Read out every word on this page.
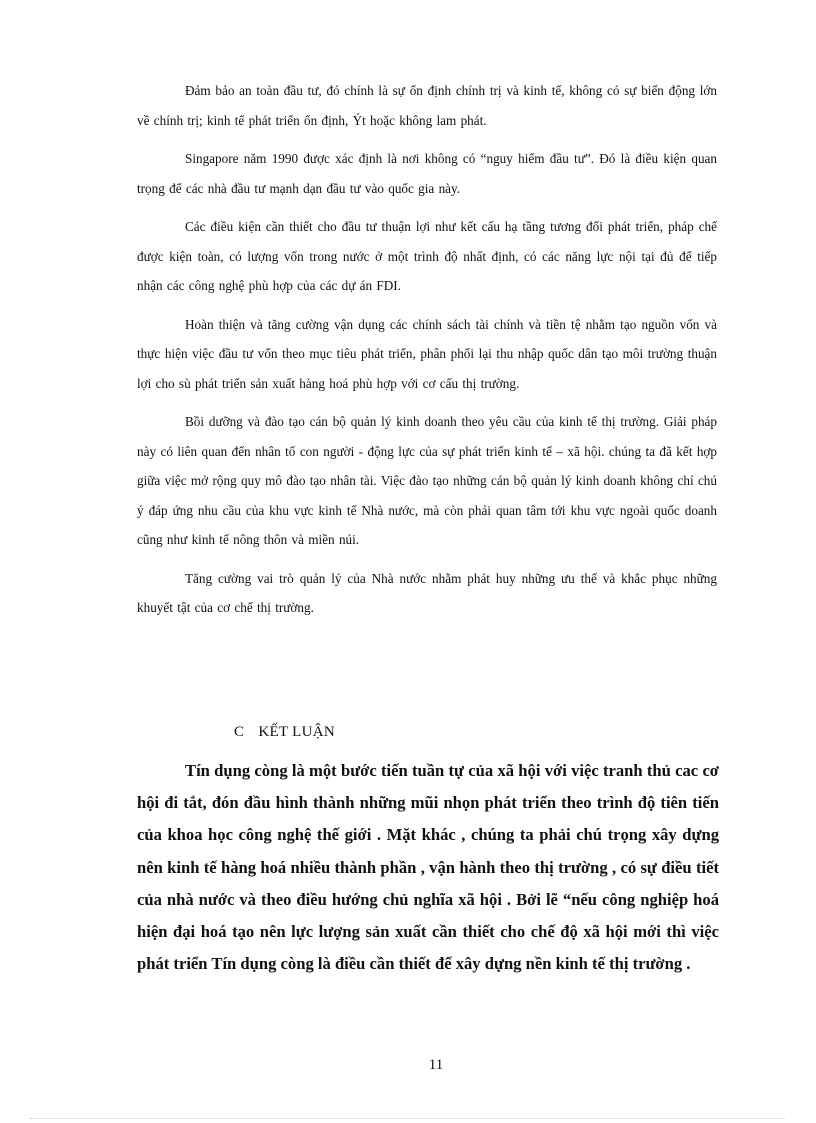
Đảm bảo an toàn đầu tư, đó chính là sự ổn định chính trị và kinh tế, không có sự biến động lớn về chính trị; kinh tế phát triển ổn định, Ýt hoặc không lam phát.

Singapore năm 1990 được xác định là nơi không có “nguy hiểm đầu tư”. Đó là điều kiện quan trọng để các nhà đầu tư mạnh dạn đầu tư vào quốc gia này.

Các điều kiện cần thiết cho đầu tư thuận lợi như kết cấu hạ tầng tương đối phát triển, pháp chế được kiện toàn, có lượng vốn trong nước ở một trình độ nhất định, có các năng lực nội tại đủ để tiếp nhận các công nghệ phù hợp của các dự án FDI.

Hoàn thiện và tăng cường vận dụng các chính sách tài chính và tiền tệ nhằm tạo nguồn vốn và thực hiện việc đầu tư vốn theo mục tiêu phát triển, phân phối lại thu nhập quốc dân tạo môi trường thuận lợi cho sù phát triển sản xuất hàng hoá phù hợp với cơ cấu thị trường.

Bồi dưỡng và đào tạo cán bộ quản lý kinh doanh theo yêu cầu của kinh tế thị trường. Giải pháp này có liên quan đến nhân tố con người - động lực của sự phát triển kinh tế – xã hội. chúng ta đã kết hợp giữa việc mở rộng quy mô đào tạo nhân tài. Việc đào tạo những cán bộ quản lý kinh doanh không chỉ chú ý đáp ứng nhu cầu của khu vực kinh tế Nhà nước, mà còn phải quan tâm tới khu vực ngoài quốc doanh cũng như kinh tế nông thôn và miền núi.

Tăng cường vai trò quản lý của Nhà nước nhằm phát huy những ưu thế và khắc phục những khuyết tật của cơ chế thị trường.

C KẾT LUẬN

Tín dụng còng là một bước tiến tuần tự của xã hội với việc tranh thủ cac cơ hội đi tắt, đón đầu hình thành những mũi nhọn phát triển theo trình độ tiên tiến của khoa học công nghệ thế giới . Mặt khác , chúng ta phải chú trọng xây dựng nên kinh tế hàng hoá nhiều thành phần , vận hành theo thị trường , có sự điều tiết của nhà nước và theo điều hướng chủ nghĩa xã hội . Bởi lẽ “nếu công nghiệp hoá hiện đại hoá tạo nên lực lượng sản xuất cần thiết cho chế độ xã hội mới thì việc phát triển Tín dụng còng là điều cần thiết để xây dựng nền kinh tế thị trường .

11
